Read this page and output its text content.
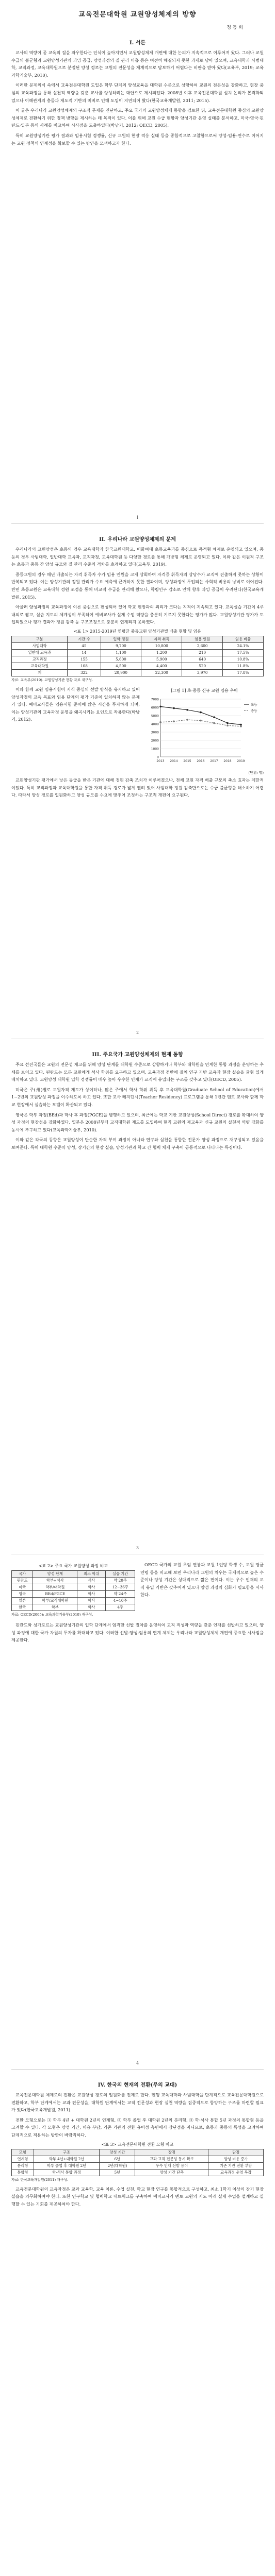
교육전문대학원 교원양성체제의 방향

정 동 희

I. 서론

교사의 역량이 곧 교육의 질을 좌우한다는 인식이 높아지면서 교원양성체제 개편에 대한 논의가 지속적으로 이루어져 왔다. 그러나 교원 수급의 불균형과 교원양성기관의 과잉 공급, 양성과정의 질 관리 미흡 등은 여전히 해결되지 못한 과제로 남아 있으며, 교육대학과 사범대학, 교직과정, 교육대학원으로 분절된 양성 경로는 교원의 전문성을 체계적으로 담보하기 어렵다는 비판을 받아 왔다(교육부, 2019; 교육과학기술부, 2010).

이러한 문제의식 속에서 교육전문대학원 도입은 학부 단계의 양성교육을 대학원 수준으로 상향하여 교원의 전문성을 강화하고, 현장 중심의 교육과정을 통해 실천적 역량을 갖춘 교사를 양성하려는 대안으로 제시되었다. 2008년 이후 교육전문대학원 설치 논의가 본격화되었으나 이해관계의 충돌과 제도적 기반의 미비로 인해 도입이 지연되어 왔다(한국교육개발원, 2011; 2015).

이 글은 우리나라 교원양성체제의 구조적 문제를 진단하고, 주요 국가의 교원양성체제 동향을 검토한 뒤, 교육전문대학원 중심의 교원양성체제로 전환하기 위한 정책 방향을 제시하는 데 목적이 있다. 이를 위해 교원 수급 현황과 양성기관 운영 실태를 분석하고, 미국·영국·핀란드·일본 등의 사례를 비교하여 시사점을 도출하였다(박남기, 2012; OECD, 2005).

특히 교원양성기관 평가 결과와 임용시험 경쟁률, 신규 교원의 현장 적응 실태 등을 종합적으로 고찰함으로써 양성-임용-연수로 이어지는 교원 정책의 연계성을 확보할 수 있는 방안을 모색하고자 한다.

1
II. 우리나라 교원양성체제의 문제

우리나라의 교원양성은 초등의 경우 교육대학과 한국교원대학교, 이화여대 초등교육과를 중심으로 목적형 체제로 운영되고 있으며, 중등의 경우 사범대학, 일반대학 교육과, 교직과정, 교육대학원 등 다양한 경로를 통해 개방형 체제로 운영되고 있다. 이와 같은 이원적 구조는 초등과 중등 간 양성 규모와 질 관리 수준의 격차를 초래하고 있다(교육부, 2019).

중등교원의 경우 매년 배출되는 자격 취득자 수가 임용 인원을 크게 상회하여 자격증 취득자의 상당수가 교직에 진출하지 못하는 상황이 반복되고 있다. 이는 양성기관의 정원 관리가 수요 예측에 근거하지 못한 결과이며, 양성과정에 투입되는 사회적 비용의 낭비로 이어진다. 반면 초등교원은 교육대학 정원 조정을 통해 비교적 수급을 관리해 왔으나, 학령인구 감소로 인해 향후 과잉 공급이 우려된다(한국교육개발원, 2015).

아울러 양성과정의 교육과정이 이론 중심으로 편성되어 있어 학교 현장과의 괴리가 크다는 지적이 지속되고 있다. 교육실습 기간이 4주 내외로 짧고, 실습 지도의 체계성이 부족하여 예비교사가 실제 수업 역량을 충분히 기르지 못한다는 평가가 많다. 교원양성기관 평가가 도입되었으나 평가 결과가 정원 감축 등 구조조정으로 충분히 연계되지 못하였다.

<표 1> 2015-2019년 연평균 중등교원 양성기관별 배출 현황 및 임용
구분	기관 수	입학 정원	자격 취득	임용 인원	임용 비율
사범대학	45	9,700	10,800	2,600	24.1%
일반대 교육과	14	1,100	1,200	210	17.5%
교직과정	155	5,600	5,900	640	10.8%
교육대학원	108	4,500	4,400	520	11.8%
계	322	20,900	22,300	3,970	17.8%
자료: 교육부(2019). 교원양성기관 현황 자료 재구성.

이와 함께 교원 임용시험이 지식 중심의 선발 방식을 유지하고 있어 양성과정의 교육 목표와 임용 단계의 평가 기준이 일치하지 않는 문제가 있다. 예비교사들은 임용시험 준비에 많은 시간을 투자하게 되며, 이는 양성기관의 교육과정 운영을 왜곡시키는 요인으로 작용한다(박남기, 2012).

[그림 1] 초·중등 신규 교원 임용 추이
0
1000
2000
3000
4000
5000
6000
7000
2013 2014 2015 2016 2017 2018 2019
초등
중등
(단위: 명)

교원양성기관 평가에서 낮은 등급을 받은 기관에 대해 정원 감축 조치가 이루어졌으나, 전체 교원 자격 배출 규모의 축소 효과는 제한적이었다. 특히 교직과정과 교육대학원을 통한 자격 취득 경로가 넓게 열려 있어 사범대학 정원 감축만으로는 수급 불균형을 해소하기 어렵다. 따라서 양성 경로를 일원화하고 양성 규모를 수요에 맞추어 조정하는 구조적 개편이 요구된다.

2
III. 주요국가 교원양성체제의 현재 동향

주요 선진국들은 교원의 전문성 제고를 위해 양성 단계를 대학원 수준으로 상향하거나 학부와 대학원을 연계한 통합 과정을 운영하는 추세를 보이고 있다. 핀란드는 모든 교원에게 석사 학위를 요구하고 있으며, 교육과정 전반에 걸쳐 연구 기반 교육과 현장 실습을 균형 있게 배치하고 있다. 교원양성 대학원 입학 경쟁률이 매우 높아 우수한 인재가 교직에 유입되는 구조를 갖추고 있다(OECD, 2005).

미국은 주(州)별로 교원자격 제도가 상이하나, 많은 주에서 학사 학위 취득 후 교육대학원(Graduate School of Education)에서 1~2년의 교원양성 과정을 이수하도록 하고 있다. 또한 교사 레지던시(Teacher Residency) 프로그램을 통해 1년간 멘토 교사와 함께 학교 현장에서 실습하는 모델이 확산되고 있다.

영국은 학부 과정(BEd)과 학사 후 과정(PGCE)을 병행하고 있으며, 최근에는 학교 기반 교원양성(School Direct) 경로를 확대하여 양성 과정의 현장성을 강화하였다. 일본은 2008년부터 교직대학원 제도를 도입하여 현직 교원의 재교육과 신규 교원의 실천적 역량 강화를 동시에 추구하고 있다(교육과학기술부, 2010).

이와 같은 각국의 동향은 교원양성이 단순한 자격 부여 과정이 아니라 연구와 실천을 통합한 전문가 양성 과정으로 재구성되고 있음을 보여준다. 특히 대학원 수준의 양성, 장기간의 현장 실습, 양성기관과 학교 간 협력 체제 구축이 공통적으로 나타나는 특징이다.

3
<표 2> 주요 국가 교원양성 과정 비교
국가	양성 단계	최소 학위	실습 기간
핀란드	학부+석사	석사	약 20주
미국	학부/대학원	학사	12~36주
영국	BEd/PGCE	학사	약 24주
일본	학부/교직대학원	학사	4~10주
한국	학부	학사	4주
자료: OECD(2005); 교육과학기술부(2010) 재구성.

OECD 국가의 교원 초임 연봉과 교원 1인당 학생 수, 교원 평균 연령 등을 비교해 보면 우리나라 교원의 처우는 국제적으로 높은 수준이나 양성 기간은 상대적으로 짧은 편이다. 이는 우수 인재의 교직 유입 기반은 갖추어져 있으나 양성 과정의 심화가 필요함을 시사한다.

핀란드와 싱가포르는 교원양성기관의 입학 단계에서 엄격한 선발 절차를 운영하여 교직 적성과 역량을 갖춘 인재를 선발하고 있으며, 양성 과정에 대한 국가 차원의 투자를 확대하고 있다. 이러한 선발-양성-임용의 연계 체제는 우리나라 교원양성체제 개편에 중요한 시사점을 제공한다.

4
IV. 한국의 현재의 전환(무의 교대)

교육전문대학원 체제로의 전환은 교원양성 경로의 일원화를 전제로 한다. 현행 교육대학과 사범대학을 단계적으로 교육전문대학원으로 전환하고, 학부 단계에서는 교과 전문성을, 대학원 단계에서는 교직 전문성과 현장 실천 역량을 집중적으로 함양하는 구조를 마련할 필요가 있다(한국교육개발원, 2011).

전환 모형으로는 ① 학부 4년 + 대학원 2년의 연계형, ② 학부 졸업 후 대학원 2년의 분리형, ③ 학·석사 통합 5년 과정의 통합형 등을 고려할 수 있다. 각 모형은 양성 기간, 비용 부담, 기존 기관의 전환 용이성 측면에서 장단점을 지니므로, 초등과 중등의 특성을 고려하여 단계적으로 적용하는 방안이 바람직하다.

<표 3> 교육전문대학원 전환 모형 비교
모형	구조	양성 기간	장점	단점
연계형	학부 4년+대학원 2년	6년	교과·교직 전문성 동시 확보	양성 비용 증가
분리형	학부 졸업 후 대학원 2년	2년(대학원)	우수 인재 선발 용이	기존 기관 전환 부담
통합형	학·석사 통합 과정	5년	양성 기간 단축	교육과정 운영 복잡
자료: 한국교육개발원(2011) 재구성.

교육전문대학원의 교육과정은 교과 교육학, 교육 이론, 수업 실천, 학교 현장 연구를 통합적으로 구성하고, 최소 1학기 이상의 장기 현장 실습을 의무화하여야 한다. 또한 연구학교 및 협력학교 네트워크를 구축하여 예비교사가 멘토 교원의 지도 아래 실제 수업을 설계하고 실행할 수 있는 기회를 제공하여야 한다.
